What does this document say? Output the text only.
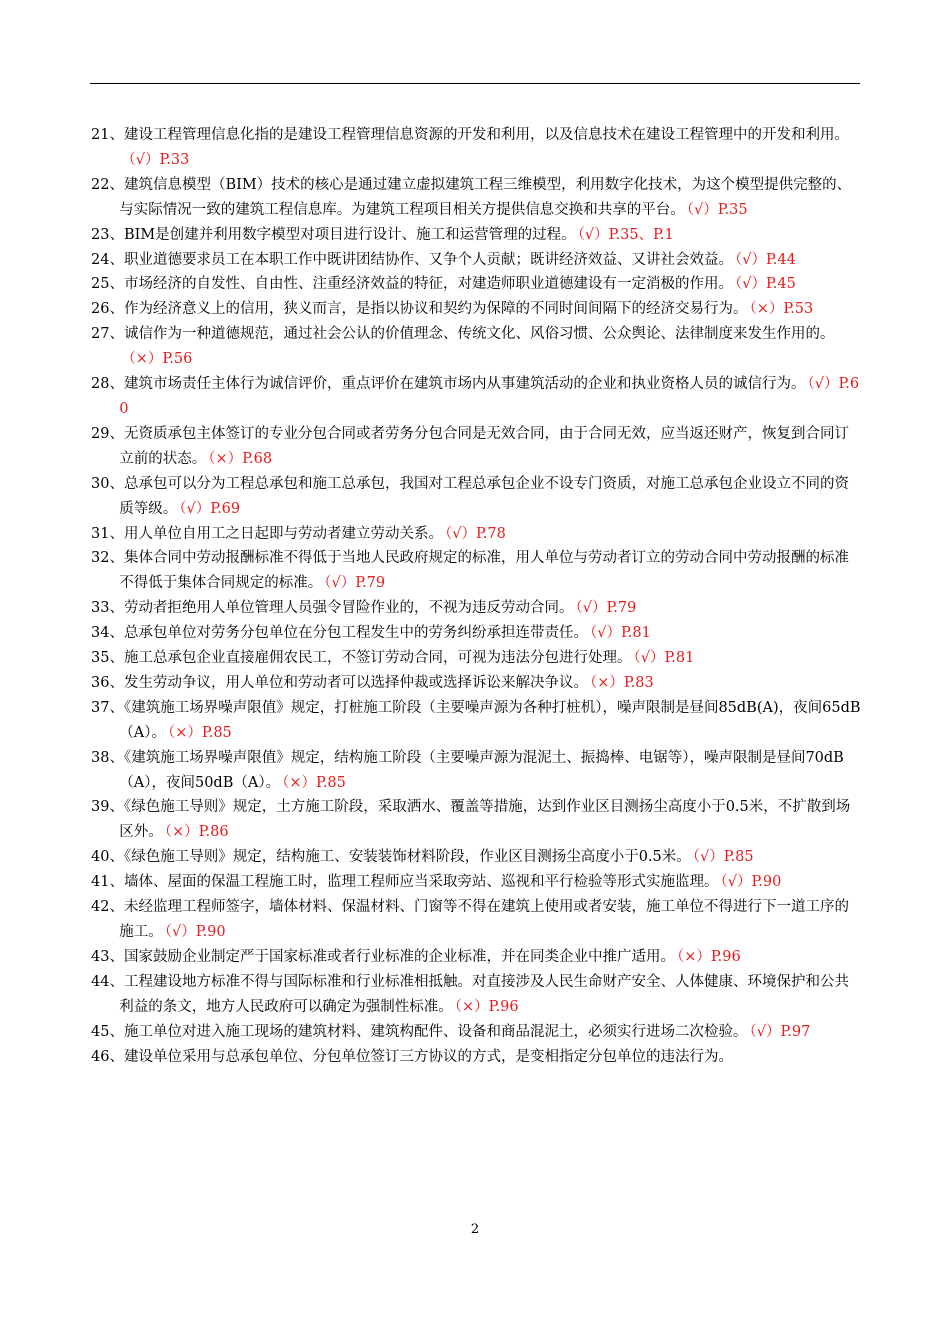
21、建设工程管理信息化指的是建设工程管理信息资源的开发和利用，以及信息技术在建设工程管理中的开发和利用。（√）P.33

22、建筑信息模型（BIM）技术的核心是通过建立虚拟建筑工程三维模型，利用数字化技术，为这个模型提供完整的、与实际情况一致的建筑工程信息库。为建筑工程项目相关方提供信息交换和共享的平台。 （√）P.35

23、BIM是创建并利用数字模型对项目进行设计、施工和运营管理的过程。 （√）P.35、P.1

24、职业道德要求员工在本职工作中既讲团结协作、又争个人贡献；既讲经济效益、又讲社会效益。 （√）P.44

25、市场经济的自发性、自由性、注重经济效益的特征，对建造师职业道德建设有一定消极的作用。 （√）P.45

26、作为经济意义上的信用，狭义而言，是指以协议和契约为保障的不同时间间隔下的经济交易行为。 （×）P.53

27、诚信作为一种道德规范，通过社会公认的价值理念、传统文化、风俗习惯、公众舆论、法律制度来发生作用的。（×）P.56

28、建筑市场责任主体行为诚信评价，重点评价在建筑市场内从事建筑活动的企业和执业资格人员的诚信行为。 （√）P.60

29、无资质承包主体签订的专业分包合同或者劳务分包合同是无效合同，由于合同无效，应当返还财产，恢复到合同订立前的状态。 （×）P.68

30、总承包可以分为工程总承包和施工总承包，我国对工程总承包企业不设专门资质，对施工总承包企业设立不同的资质等级。 （√）P.69

31、用人单位自用工之日起即与劳动者建立劳动关系。 （√）P.78

32、集体合同中劳动报酬标准不得低于当地人民政府规定的标准，用人单位与劳动者订立的劳动合同中劳动报酬的标准不得低于集体合同规定的标准。 （√）P.79

33、劳动者拒绝用人单位管理人员强令冒险作业的，不视为违反劳动合同。 （√）P.79

34、总承包单位对劳务分包单位在分包工程发生中的劳务纠纷承担连带责任。 （√）P.81

35、施工总承包企业直接雇佣农民工，不签订劳动合同，可视为违法分包进行处理。 （√）P.81

36、发生劳动争议，用人单位和劳动者可以选择仲裁或选择诉讼来解决争议。 （×）P.83

37、《建筑施工场界噪声限值》规定，打桩施工阶段（主要噪声源为各种打桩机），噪声限制是昼间85dB(A)，夜间65dB（A）。 （×）P.85

38、《建筑施工场界噪声限值》规定，结构施工阶段（主要噪声源为混泥土、振捣棒、电锯等），噪声限制是昼间70dB（A），夜间50dB（A）。 （×）P.85

39、《绿色施工导则》规定，土方施工阶段，采取洒水、覆盖等措施，达到作业区目测扬尘高度小于0.5米，不扩散到场区外。 （×）P.86

40、《绿色施工导则》规定，结构施工、安装装饰材料阶段，作业区目测扬尘高度小于0.5米。 （√）P.85

41、墙体、屋面的保温工程施工时，监理工程师应当采取旁站、巡视和平行检验等形式实施监理。 （√）P.90

42、未经监理工程师签字，墙体材料、保温材料、门窗等不得在建筑上使用或者安装，施工单位不得进行下一道工序的施工。 （√）P.90

43、国家鼓励企业制定严于国家标准或者行业标准的企业标准，并在同类企业中推广适用。 （×）P.96

44、工程建设地方标准不得与国际标准和行业标准相抵触。对直接涉及人民生命财产安全、人体健康、环境保护和公共利益的条文，地方人民政府可以确定为强制性标准。 （×）P.96

45、施工单位对进入施工现场的建筑材料、建筑构配件、设备和商品混泥土，必须实行进场二次检验。 （√）P.97

46、建设单位采用与总承包单位、分包单位签订三方协议的方式，是变相指定分包单位的违法行为。

2
